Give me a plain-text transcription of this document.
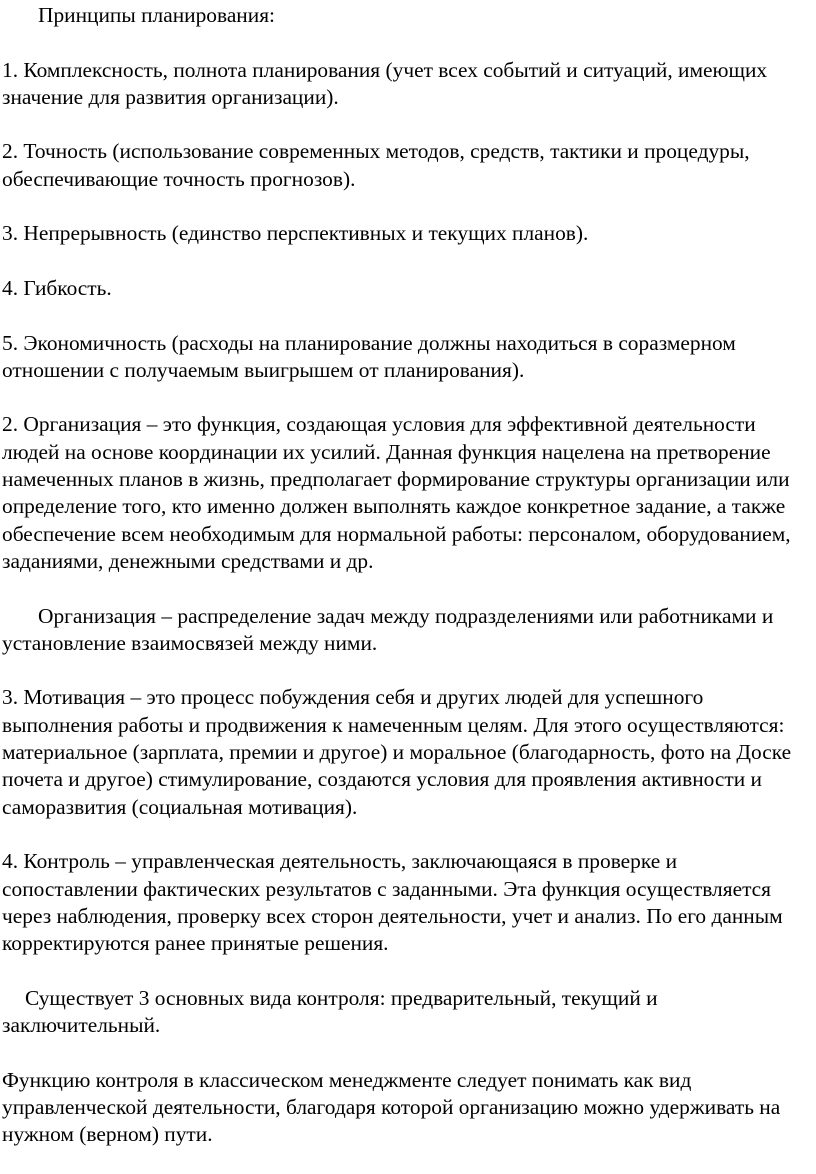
Принципы планирования:

1. Комплексность, полнота планирования (учет всех событий и ситуаций, имеющих значение для развития организации).

2. Точность (использование современных методов, средств, тактики и процедуры, обеспечивающие точность прогнозов).

3. Непрерывность (единство перспективных и текущих планов).

4. Гибкость.

5. Экономичность (расходы на планирование должны находиться в соразмерном отношении с получаемым выигрышем от планирования).

2. Организация – это функция, создающая условия для эффективной деятельности людей на основе координации их усилий. Данная функция нацелена на претворение намеченных планов в жизнь, предполагает формирование структуры организации или определение того, кто именно должен выполнять каждое конкретное задание, а также обеспечение всем необходимым для нормальной работы: персоналом, оборудованием, заданиями, денежными средствами и др.

Организация – распределение задач между подразделениями или работниками и установление взаимосвязей между ними.

3. Мотивация – это процесс побуждения себя и других людей для успешного выполнения работы и продвижения к намеченным целям. Для этого осуществляются: материальное (зарплата, премии и другое) и моральное (благодарность, фото на Доске почета и другое) стимулирование, создаются условия для проявления активности и саморазвития (социальная мотивация).

4. Контроль – управленческая деятельность, заключающаяся в проверке и сопоставлении фактических результатов с заданными. Эта функция осуществляется через наблюдения, проверку всех сторон деятельности, учет и анализ. По его данным корректируются ранее принятые решения.

Существует 3 основных вида контроля: предварительный, текущий и заключительный.

Функцию контроля в классическом менеджменте следует понимать как вид управленческой деятельности, благодаря которой организацию можно удерживать на нужном (верном) пути.
